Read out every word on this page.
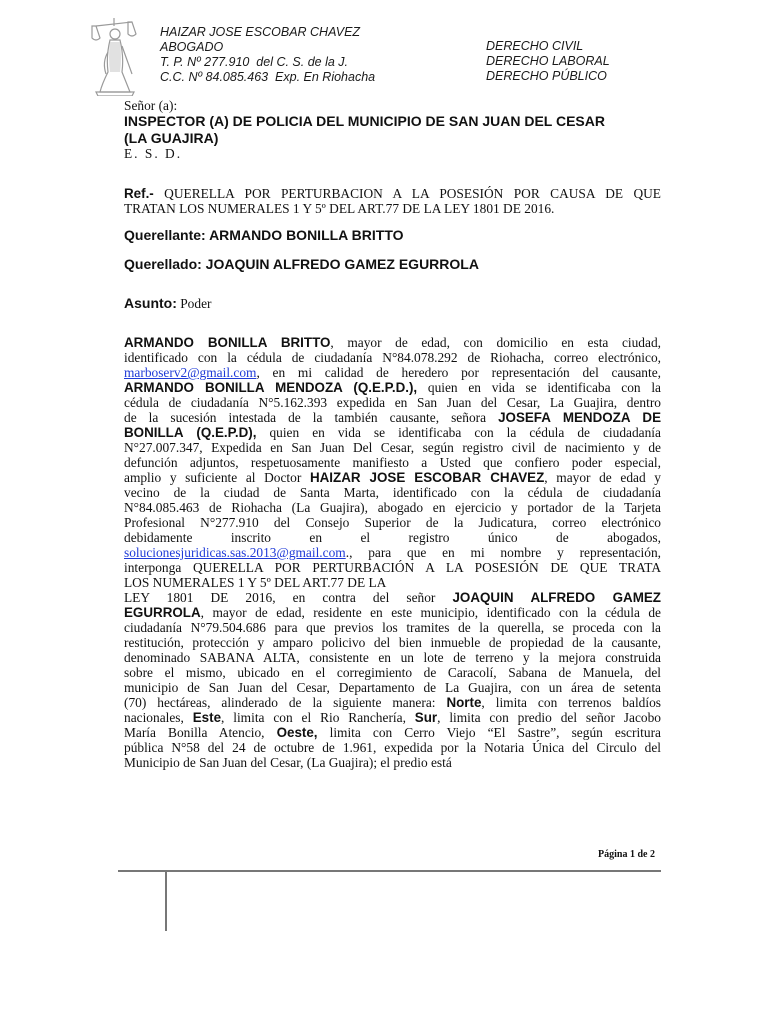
HAIZAR JOSE ESCOBAR CHAVEZ
ABOGADO
T. P. Nº 277.910  del C. S. de la J.
C.C. Nº 84.085.463  Exp. En Riohacha
DERECHO CIVIL
DERECHO LABORAL
DERECHO PÚBLICO
Señor (a):
INSPECTOR (A) DE POLICIA DEL MUNICIPIO DE SAN JUAN DEL CESAR
(LA GUAJIRA)
E. S. D.
Ref.- QUERELLA POR PERTURBACION A LA POSESIÓN POR CAUSA DE QUE
TRATAN LOS NUMERALES 1 Y 5º DEL ART.77 DE LA LEY 1801 DE 2016.
Querellante: ARMANDO BONILLA BRITTO
Querellado: JOAQUIN ALFREDO GAMEZ EGURROLA
Asunto: Poder
ARMANDO BONILLA BRITTO, mayor de edad, con domicilio en esta ciudad,
identificado con la cédula de ciudadanía N°84.078.292 de Riohacha, correo electrónico,
marboserv2@gmail.com, en mi calidad de heredero por representación del causante,
ARMANDO BONILLA MENDOZA (Q.E.P.D.), quien en vida se identificaba con la
cédula de ciudadanía N°5.162.393 expedida en San Juan del Cesar, La Guajira, dentro
de la sucesión intestada de la también causante, señora JOSEFA MENDOZA DE
BONILLA (Q.E.P.D), quien en vida se identificaba con la cédula de ciudadanía
N°27.007.347, Expedida en San Juan Del Cesar, según registro civil de nacimiento y de
defunción adjuntos, respetuosamente manifiesto a Usted que confiero poder especial,
amplio y suficiente al Doctor HAIZAR JOSE ESCOBAR CHAVEZ, mayor de edad y
vecino de la ciudad de Santa Marta, identificado con la cédula de ciudadanía
N°84.085.463 de Riohacha (La Guajira), abogado en ejercicio y portador de la Tarjeta
Profesional N°277.910 del Consejo Superior de la Judicatura, correo electrónico
debidamente inscrito en el registro único de abogados,
solucionesjuridicas.sas.2013@gmail.com., para que en mi nombre y representación,
interponga QUERELLA POR PERTURBACIÓN A LA POSESIÓN DE QUE TRATA
LOS NUMERALES 1 Y 5º DEL ART.77 DE LA
LEY 1801 DE 2016, en contra del señor JOAQUIN ALFREDO GAMEZ
EGURROLA, mayor de edad, residente en este municipio, identificado con la cédula de
ciudadanía N°79.504.686 para que previos los tramites de la querella, se proceda con la
restitución, protección y amparo policivo del bien inmueble de propiedad de la causante,
denominado SABANA ALTA, consistente en un lote de terreno y la mejora construida
sobre el mismo, ubicado en el corregimiento de Caracolí, Sabana de Manuela, del
municipio de San Juan del Cesar, Departamento de La Guajira, con un área de setenta
(70) hectáreas, alinderado de la siguiente manera: Norte, limita con terrenos baldíos
nacionales, Este, limita con el Rio Ranchería, Sur, limita con predio del señor Jacobo
María Bonilla Atencio, Oeste, limita con Cerro Viejo “El Sastre”, según escritura
pública N°58 del 24 de octubre de 1.961, expedida por la Notaria Única del Circulo del
Municipio de San Juan del Cesar, (La Guajira); el predio está
Página 1 de 2
